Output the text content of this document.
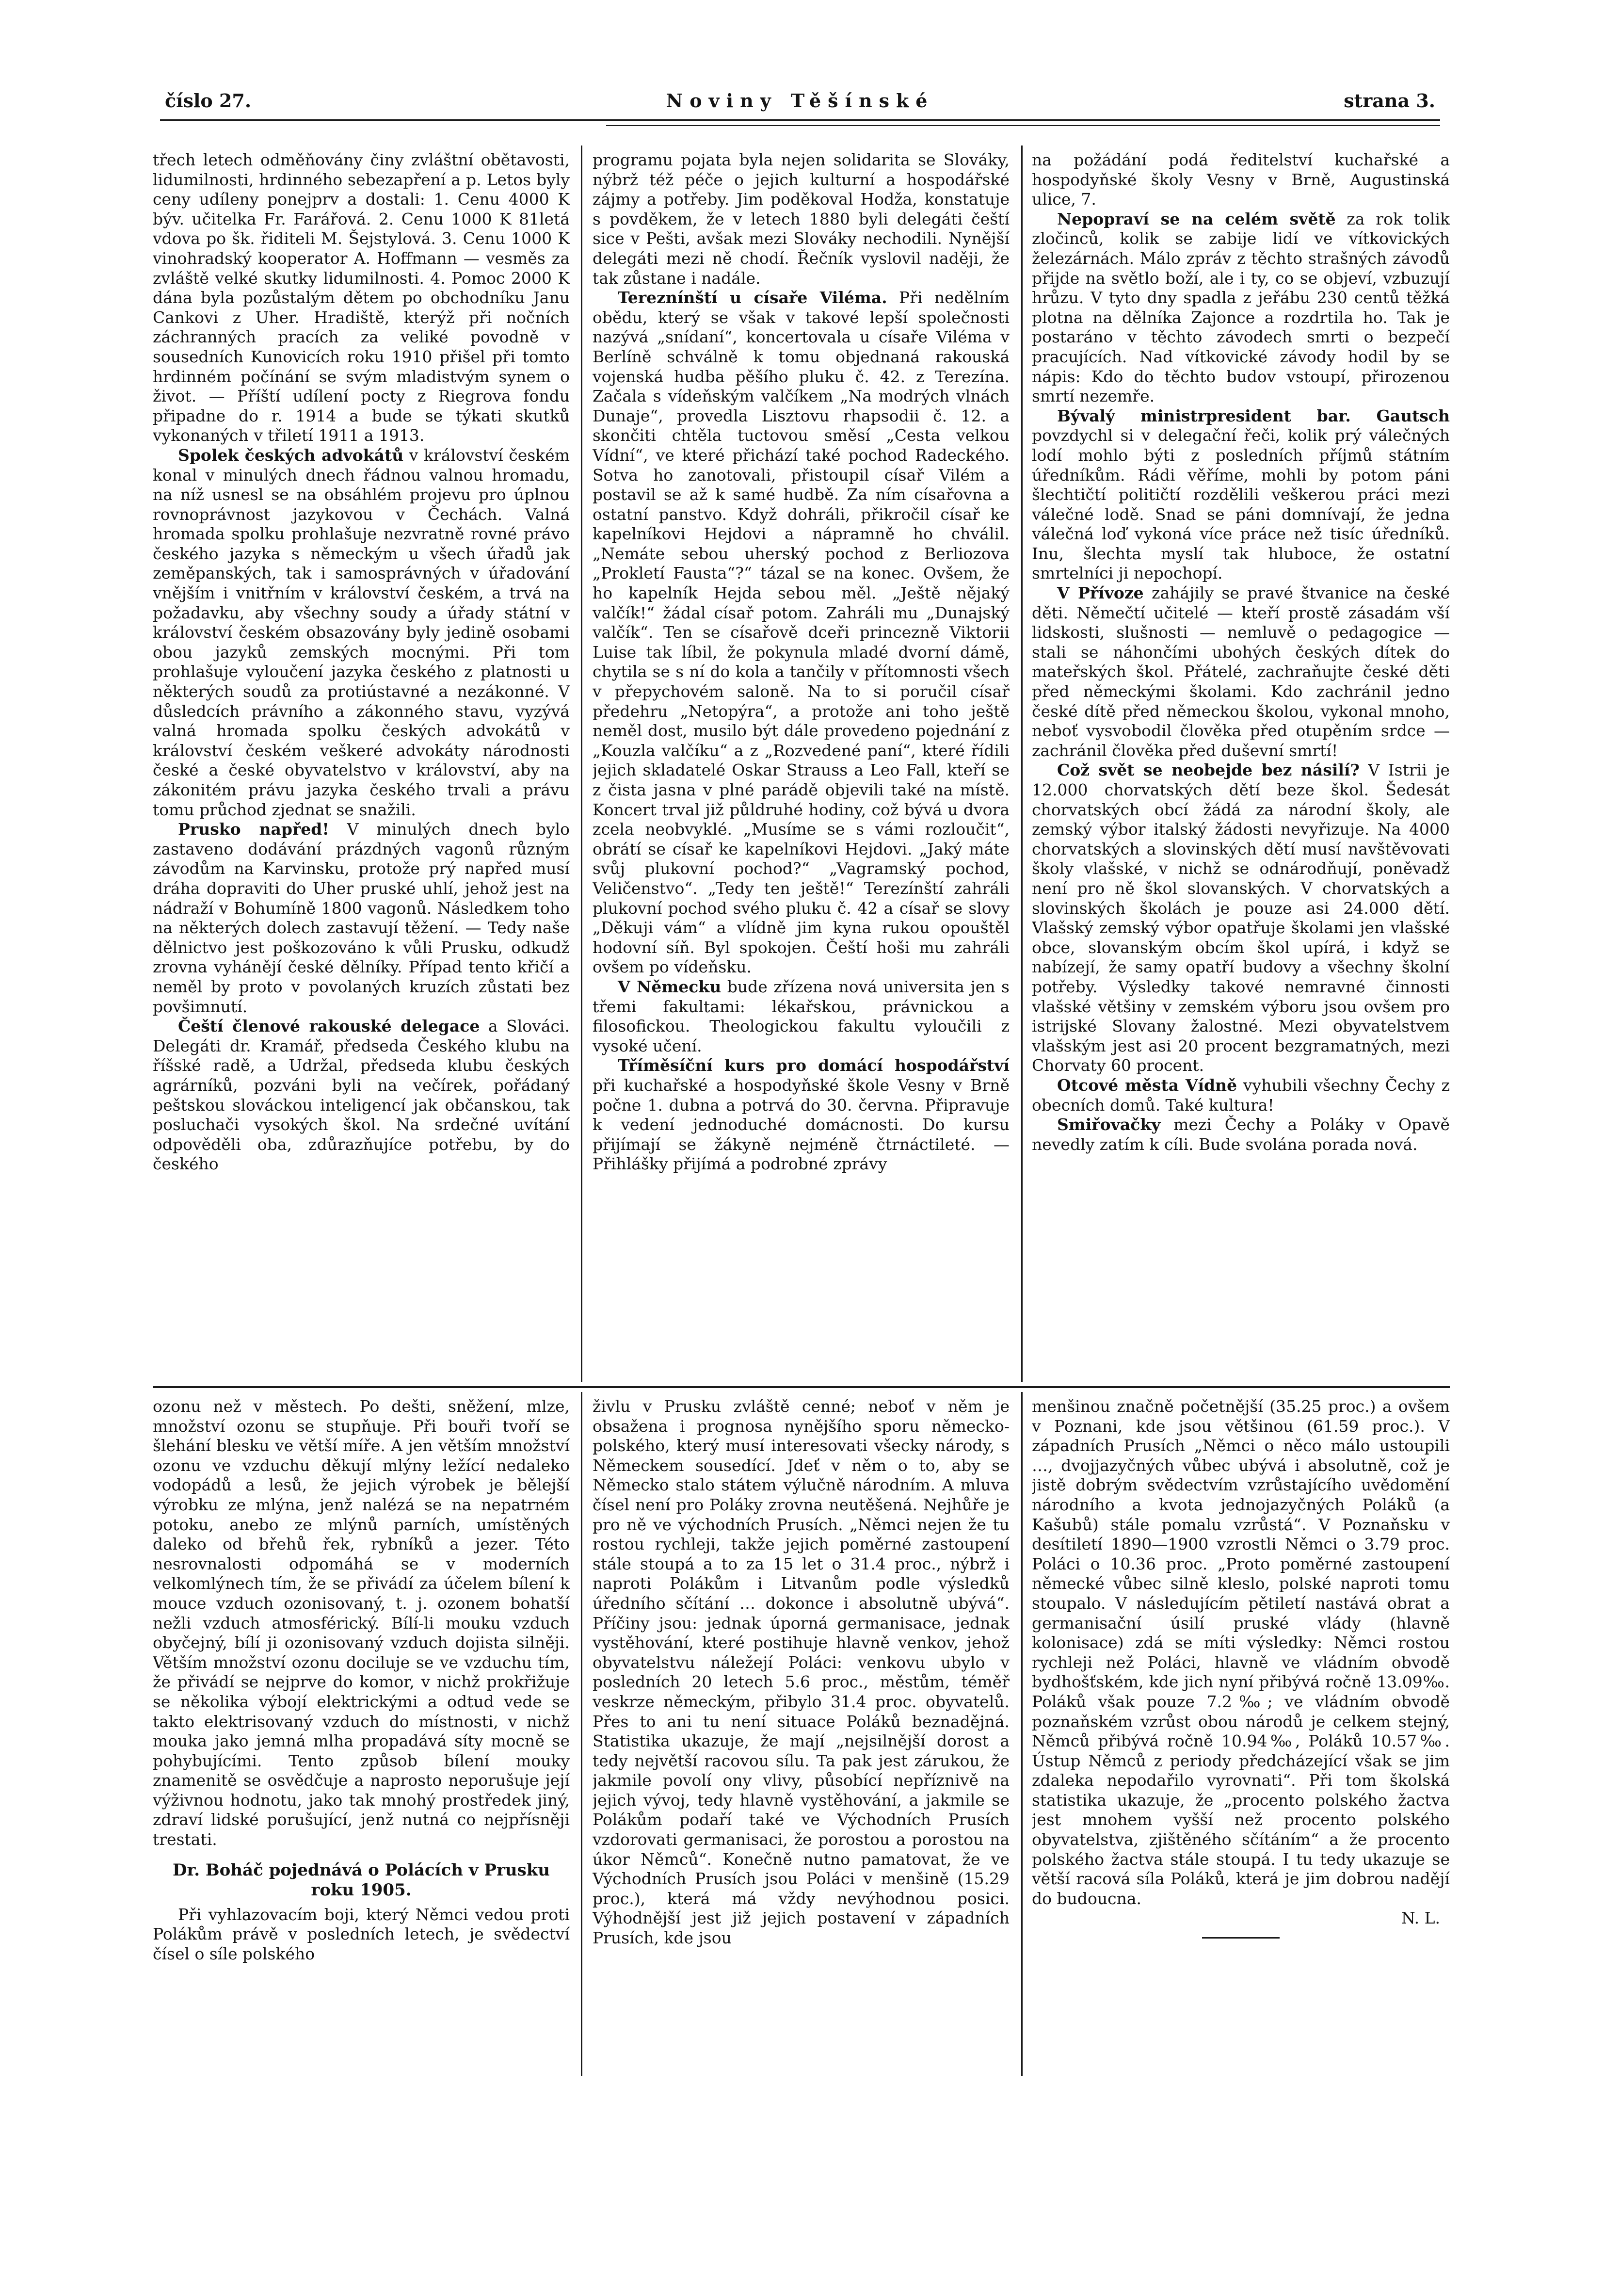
číslo 27.	Noviny Těšínské	strana 3.

třech letech odměňovány činy zvláštní obětavosti, lidumilnosti, hrdinného sebezapření a p. Letos byly ceny udíleny ponejprv a dostali: 1. Cenu 4000 K býv. učitelka Fr. Farářová. 2. Cenu 1000 K 81letá vdova po šk. řiditeli M. Šejstylová. 3. Cenu 1000 K vinohradský kooperator A. Hoffmann — vesměs za zvláště velké skutky lidumilnosti. 4. Pomoc 2000 K dána byla pozůstalým dětem po obchodníku Janu Cankovi z Uher. Hradiště, kterýž při nočních záchranných pracích za veliké povodně v sousedních Kunovicích roku 1910 přišel při tomto hrdinném počínání se svým mladistvým synem o život. — Příští udílení pocty z Riegrova fondu připadne do r. 1914 a bude se týkati skutků vykonaných v třiletí 1911 a 1913.

Spolek českých advokátů v království českém konal v minulých dnech řádnou valnou hromadu, na níž usnesl se na obsáhlém projevu pro úplnou rovnoprávnost jazykovou v Čechách. Valná hromada spolku prohlašuje nezvratně rovné právo českého jazyka s německým u všech úřadů jak zeměpanských, tak i samosprávných v úřadování vnějším i vnitřním v království českém, a trvá na požadavku, aby všechny soudy a úřady státní v království českém obsazovány byly jedině osobami obou jazyků zemských mocnými. Při tom prohlašuje vyloučení jazyka českého z platnosti u některých soudů za protiústavné a nezákonné. V důsledcích právního a zákonného stavu, vyzývá valná hromada spolku českých advokátů v království českém veškeré advokáty národnosti české a české obyvatelstvo v království, aby na zákonitém právu jazyka českého trvali a právu tomu průchod zjednat se snažili.

Prusko napřed! V minulých dnech bylo zastaveno dodávání prázdných vagonů různým závodům na Karvinsku, protože prý napřed musí dráha dopraviti do Uher pruské uhlí, jehož jest na nádraží v Bohumíně 1800 vagonů. Následkem toho na některých dolech zastavují těžení. — Tedy naše dělnictvo jest poškozováno k vůli Prusku, odkudž zrovna vyhánějí české dělníky. Případ tento křičí a neměl by proto v povolaných kruzích zůstati bez povšimnutí.

Čeští členové rakouské delegace a Slováci. Delegáti dr. Kramář, předseda Českého klubu na říšské radě, a Udržal, předseda klubu českých agrárníků, pozváni byli na večírek, pořádaný peštskou slováckou inteligencí jak občanskou, tak posluchači vysokých škol. Na srdečné uvítání odpověděli oba, zdůrazňujíce potřebu, by do českého

programu pojata byla nejen solidarita se Slováky, nýbrž též péče o jejich kulturní a hospodářské zájmy a potřeby. Jim poděkoval Hodža, konstatuje s povděkem, že v letech 1880 byli delegáti čeští sice v Pešti, avšak mezi Slováky nechodili. Nynější delegáti mezi ně chodí. Řečník vyslovil naději, že tak zůstane i nadále.

Tereznínští u císaře Viléma. Při nedělním obědu, který se však v takové lepší společnosti nazývá „snídaní“, koncertovala u císaře Viléma v Berlíně schválně k tomu objednaná rakouská vojenská hudba pěšího pluku č. 42. z Terezína. Začala s vídeňským valčíkem „Na modrých vlnách Dunaje“, provedla Lisztovu rhapsodii č. 12. a skončiti chtěla tuctovou směsí „Cesta velkou Vídní“, ve které přichází také pochod Radeckého. Sotva ho zanotovali, přistoupil císař Vilém a postavil se až k samé hudbě. Za ním císařovna a ostatní panstvo. Když dohráli, přikročil císař ke kapelníkovi Hejdovi a nápramně ho chválil. „Nemáte sebou uherský pochod z Berliozova „Prokletí Fausta“?“ tázal se na konec. Ovšem, že ho kapelník Hejda sebou měl. „Ještě nějaký valčík!“ žádal císař potom. Zahráli mu „Dunajský valčík“. Ten se císařově dceři princezně Viktorii Luise tak líbil, že pokynula mladé dvorní dámě, chytila se s ní do kola a tančily v přítomnosti všech v přepychovém saloně. Na to si poručil císař předehru „Netopýra“, a protože ani toho ještě neměl dost, musilo být dále provedeno pojednání z „Kouzla valčíku“ a z „Rozvedené paní“, které řídili jejich skladatelé Oskar Strauss a Leo Fall, kteří se z čista jasna v plné parádě objevili také na místě. Koncert trval již půldruhé hodiny, což bývá u dvora zcela neobvyklé. „Musíme se s vámi rozloučit“, obrátí se císař ke kapelníkovi Hejdovi. „Jaký máte svůj plukovní pochod?“ „Vagramský pochod, Veličenstvo“. „Tedy ten ještě!“ Terezínští zahráli plukovní pochod svého pluku č. 42 a císař se slovy „Děkuji vám“ a vlídně jim kyna rukou opouštěl hodovní síň. Byl spokojen. Čeští hoši mu zahráli ovšem po vídeňsku.

V Německu bude zřízena nová universita jen s třemi fakultami: lékařskou, právnickou a filosofickou. Theologickou fakultu vyloučili z vysoké učení.

Tříměsíční kurs pro domácí hospodářství při kuchařské a hospodyňské škole Vesny v Brně počne 1. dubna a potrvá do 30. června. Připravuje k vedení jednoduché domácnosti. Do kursu přijímají se žákyně nejméně čtrnáctileté. — Přihlášky přijímá a podrobné zprávy

na požádání podá ředitelství kuchařské a hospodyňské školy Vesny v Brně, Augustinská ulice, 7.

Nepopraví se na celém světě za rok tolik zločinců, kolik se zabije lidí ve vítkovických železárnách. Málo zpráv z těchto strašných závodů přijde na světlo boží, ale i ty, co se objeví, vzbuzují hrůzu. V tyto dny spadla z jeřábu 230 centů těžká plotna na dělníka Zajonce a rozdrtila ho. Tak je postaráno v těchto závodech smrti o bezpečí pracujících. Nad vítkovické závody hodil by se nápis: Kdo do těchto budov vstoupí, přirozenou smrtí nezemře.

Bývalý ministrpresident bar. Gautsch povzdychl si v delegační řeči, kolik prý válečných lodí mohlo býti z posledních příjmů státním úředníkům. Rádi věříme, mohli by potom páni šlechtičtí političtí rozdělili veškerou práci mezi válečné lodě. Snad se páni domnívají, že jedna válečná loď vykoná více práce než tisíc úředníků. Inu, šlechta myslí tak hluboce, že ostatní smrtelníci ji nepochopí.

V Přívoze zahájily se pravé štvanice na české děti. Němečtí učitelé — kteří prostě zásadám vší lidskosti, slušnosti — nemluvě o pedagogice — stali se náhončími ubohých českých dítek do mateřských škol. Přátelé, zachraňujte české děti před německými školami. Kdo zachránil jedno české dítě před německou školou, vykonal mnoho, neboť vysvobodil člověka před otupěním srdce — zachránil člověka před duševní smrtí!

Což svět se neobejde bez násilí? V Istrii je 12.000 chorvatských dětí beze škol. Šedesát chorvatských obcí žádá za národní školy, ale zemský výbor italský žádosti nevyřizuje. Na 4000 chorvatských a slovinských dětí musí navštěvovati školy vlašské, v nichž se odnárodňují, poněvadž není pro ně škol slovanských. V chorvatských a slovinských školách je pouze asi 24.000 dětí. Vlašský zemský výbor opatřuje školami jen vlašské obce, slovanským obcím škol upírá, i když se nabízejí, že samy opatří budovy a všechny školní potřeby. Výsledky takové nemravné činnosti vlašské většiny v zemském výboru jsou ovšem pro istrijské Slovany žalostné. Mezi obyvatelstvem vlašským jest asi 20 procent bezgramatných, mezi Chorvaty 60 procent.

Otcové města Vídně vyhubili všechny Čechy z obecních domů. Také kultura!

Smiřovačky mezi Čechy a Poláky v Opavě nevedly zatím k cíli. Bude svolána porada nová.

ozonu než v městech. Po dešti, sněžení, mlze, množství ozonu se stupňuje. Při bouři tvoří se šlehání blesku ve větší míře. A jen větším množství ozonu ve vzduchu děkují mlýny ležící nedaleko vodopádů a lesů, že jejich výrobek je bělejší výrobku ze mlýna, jenž nalézá se na nepatrném potoku, anebo ze mlýnů parních, umístěných daleko od břehů řek, rybníků a jezer. Této nesrovnalosti odpomáhá se v moderních velkomlýnech tím, že se přivádí za účelem bílení k mouce vzduch ozonisovaný, t. j. ozonem bohatší nežli vzduch atmosférický. Bílí-li mouku vzduch obyčejný, bílí ji ozonisovaný vzduch dojista silněji. Větším množství ozonu dociluje se ve vzduchu tím, že přivádí se nejprve do komor, v nichž prokřižuje se několika výbojí elektrickými a odtud vede se takto elektrisovaný vzduch do místnosti, v nichž mouka jako jemná mlha propadává síty mocně se pohybujícími. Tento způsob bílení mouky znamenitě se osvědčuje a naprosto neporušuje její výživnou hodnotu, jako tak mnohý prostředek jiný, zdraví lidské porušující, jenž nutná co nejpřísněji trestati.

Dr. Boháč pojednává o Polácích v Prusku roku 1905.

Při vyhlazovacím boji, který Němci vedou proti Polákům právě v posledních letech, je svědectví čísel o síle polského

živlu v Prusku zvláště cenné; neboť v něm je obsažena i prognosa nynějšího sporu německo-polského, který musí interesovati všecky národy, s Německem sousedící. Jdeť v něm o to, aby se Německo stalo státem výlučně národním. A mluva čísel není pro Poláky zrovna neutěšená. Nejhůře je pro ně ve východních Prusích. „Němci nejen že tu rostou rychleji, takže jejich poměrné zastoupení stále stoupá a to za 15 let o 31.4 proc., nýbrž i naproti Polákům i Litvanům podle výsledků úředního sčítání … dokonce i absolutně ubývá“. Příčiny jsou: jednak úporná germanisace, jednak vystěhování, které postihuje hlavně venkov, jehož obyvatelstvu náležejí Poláci: venkovu ubylo v posledních 20 letech 5.6 proc., městům, téměř veskrze německým, přibylo 31.4 proc. obyvatelů. Přes to ani tu není situace Poláků beznadějná. Statistika ukazuje, že mají „nejsilnější dorost a tedy největší racovou sílu. Ta pak jest zárukou, že jakmile povolí ony vlivy, působící nepříznivě na jejich vývoj, tedy hlavně vystěhování, a jakmile se Polákům podaří také ve Východních Prusích vzdorovati germanisaci, že porostou a porostou na úkor Němců“. Konečně nutno pamatovat, že ve Východních Prusích jsou Poláci v menšině (15.29 proc.), která má vždy nevýhodnou posici. Výhodnější jest již jejich postavení v západních Prusích, kde jsou

menšinou značně početnější (35.25 proc.) a ovšem v Poznani, kde jsou většinou (61.59 proc.). V západních Prusích „Němci o něco málo ustoupili …, dvojjazyčných vůbec ubývá i absolutně, což je jistě dobrým svědectvím vzrůstajícího uvědomění národního a kvota jednojazyčných Poláků (a Kašubů) stále pomalu vzrůstá“. V Poznaňsku v desítiletí 1890—1900 vzrostli Němci o 3.79 proc. Poláci o 10.36 proc. „Proto poměrné zastoupení německé vůbec silně kleslo, polské naproti tomu stoupalo. V následujícím pětiletí nastává obrat a germanisační úsilí pruské vlády (hlavně kolonisace) zdá se míti výsledky: Němci rostou rychleji než Poláci, hlavně ve vládním obvodě bydhošťském, kde jich nyní přibývá ročně 13.09‰. Poláků však pouze 7.2‰; ve vládním obvodě poznaňském vzrůst obou národů je celkem stejný, Němců přibývá ročně 10.94‰, Poláků 10.57‰. Ústup Němců z periody předcházející však se jim zdaleka nepodařilo vyrovnati“. Při tom školská statistika ukazuje, že „procento polského žactva jest mnohem vyšší než procento polského obyvatelstva, zjištěného sčítáním“ a že procento polského žactva stále stoupá. I tu tedy ukazuje se větší racová síla Poláků, která je jim dobrou nadějí do budoucna.

N. L.
